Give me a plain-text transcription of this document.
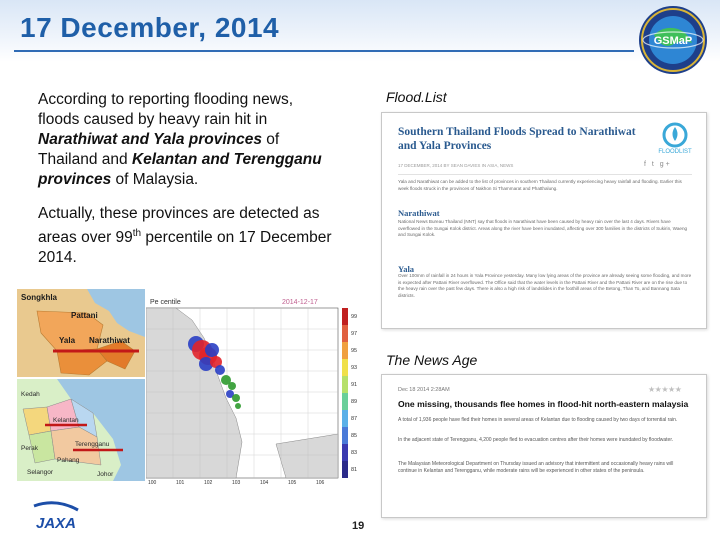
17 December, 2014	GSMaP
According to reporting flooding news, floods caused by heavy rain hit in Narathiwat and Yala provinces of Thailand and Kelantan and Terengganu provinces of Malaysia.
Actually, these provinces are detected as areas over 99th percentile on 17 December 2014.
Flood.List
The News Age
Southern Thailand Floods Spread to Narathiwat and Yala Provinces	FLOODLIST
17 DECEMBER, 2014 BY SEAN DAVIES IN ASIA, NEWS	f t g+
Yala and Narathiwat can be added to the list of provinces in southern Thailand currently experiencing heavy rainfall and flooding. Earlier this week floods struck in the provinces of Nakhon Si Thammarat and Phatthalung.
Narathiwat
National News Bureau Thailand (NNT) say that floods in Narathiwat have been caused by heavy rain over the last 4 days. Rivers have overflowed in the Sungai Kolok district. Areas along the river have been inundated, affecting over 300 families in the districts of Sukirin, Waeng and Sungai Kolok.
Yala
Over 100mm of rainfall in 24 hours in Yala Province yesterday. Many low lying areas of the province are already seeing some flooding, and more is expected after Pattani River overflowed. The Office said that the water levels in the Pattani River and the Pattani River are on the rise due to the heavy rain over the past few days. There is also a high risk of landslides in the foothill areas of the Betong, Than To, and Bannang Sata districts.
Dec 18 2014 2:28AM	★★★★★
One missing, thousands flee homes in flood-hit north-eastern malaysia
A total of 1,936 people have fled their homes in several areas of Kelantan due to flooding caused by two days of torrential rain.
In the adjacent state of Terengganu, 4,200 people fled to evacuation centres after their homes were inundated by floodwater.
The Malaysian Meteorological Department on Thursday issued an advisory that intermittent and occasionally heavy rains will continue in Kelantan and Terengganu, while moderate rains will be experienced in other states of the peninsula.
Songkhla
Pattani
Yala Narathiwat
Kedah
Kelantan
Terengganu
Perak
Pahang
Selangor	Johor
Pe centile	2014-12-17
99
97
95
93
91
89
87
85
83
81
100	101	102	103	104	105	106
JAXA	19
